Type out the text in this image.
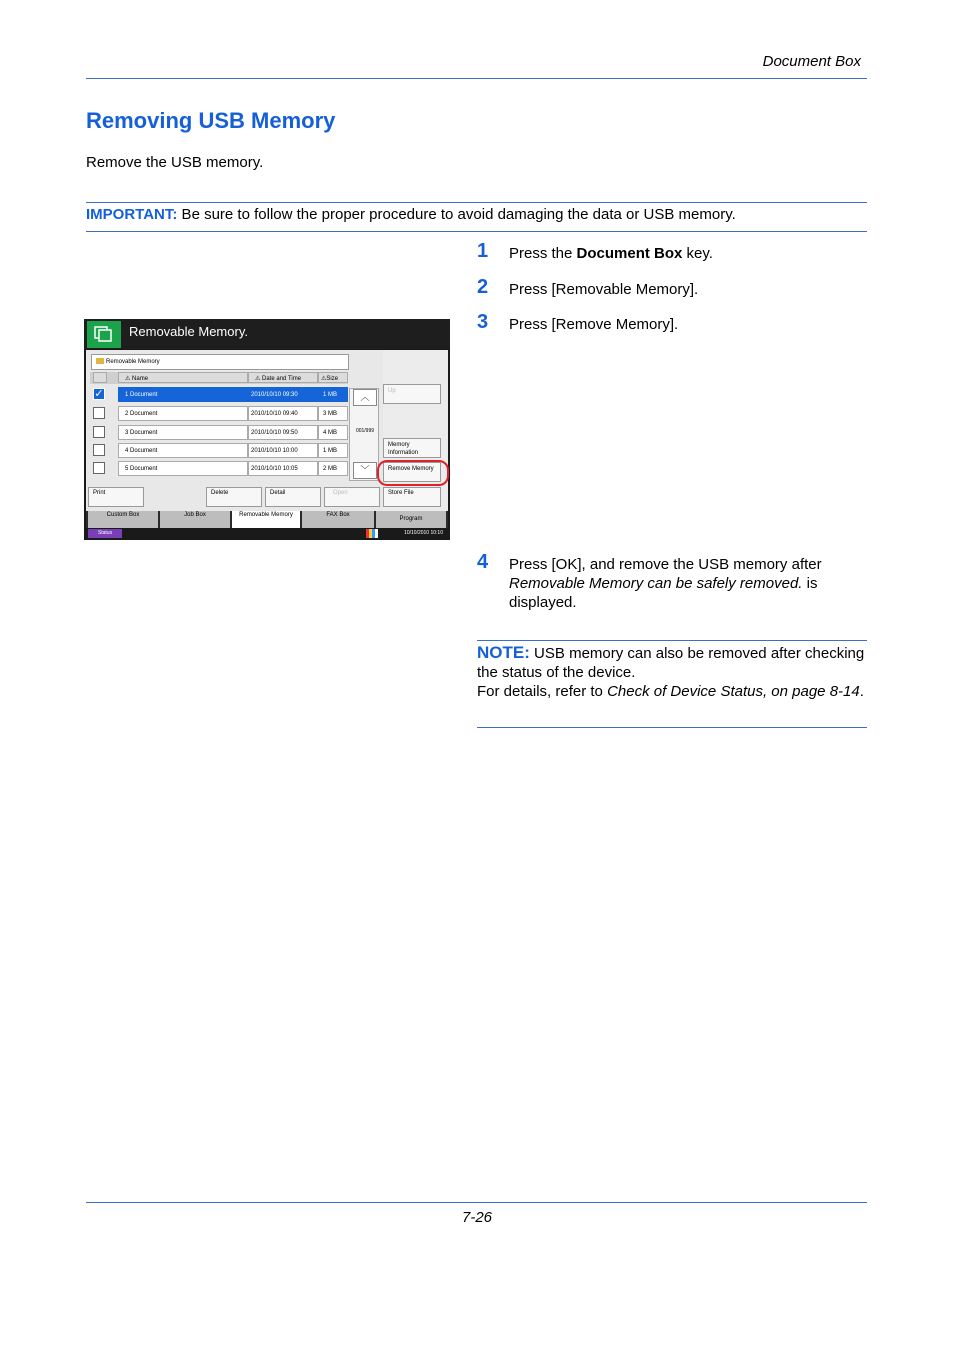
Document Box
Removing USB Memory
Remove the USB memory.
IMPORTANT: Be sure to follow the proper procedure to avoid damaging the data or USB memory.
1 Press the Document Box key.
2 Press [Removable Memory].
3 Press [Remove Memory].
4 Press [OK], and remove the USB memory after Removable Memory can be safely removed. is displayed.
NOTE: USB memory can also be removed after checking the status of the device.
For details, refer to Check of Device Status, on page 8-14.
Removable Memory.
Removable Memory
⚠ Name	⚠ Date and Time	⚠Size
✓	1 Document	2010/10/10 09:30	1 MB
2 Document	2010/10/10 09:40	3 MB
3 Document	2010/10/10 09:50	4 MB
4 Document	2010/10/10 10:00	1 MB
5 Document	2010/10/10 10:05	2 MB
︿
001/999
﹀
Up
Memory Information
Remove Memory
Print	Delete	Detail	Open	Store File
Custom Box	Job Box	Removable Memory	FAX Box
Program
Status	10/10/2010 10:10
7-26
